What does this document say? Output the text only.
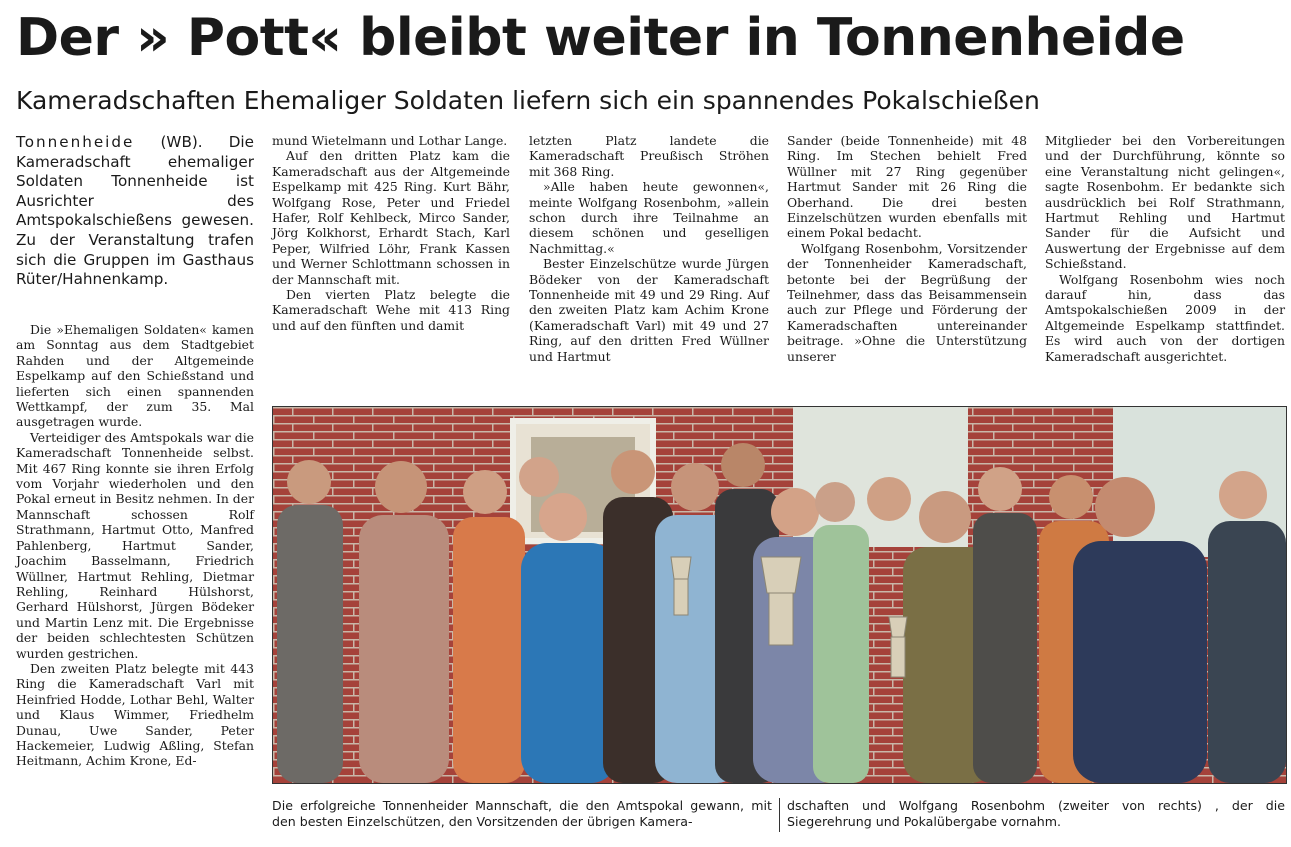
Der » Pott« bleibt weiter in Tonnenheide
Kameradschaften Ehemaliger Soldaten liefern sich ein spannendes Pokalschießen
Tonnenheide (WB). Die Kameradschaft ehemaliger Soldaten Tonnenheide ist Ausrichter des Amtspokalschießens gewesen. Zu der Veranstaltung trafen sich die Gruppen im Gasthaus Rüter/Hahnenkamp.

Die »Ehemaligen Soldaten« kamen am Sonntag aus dem Stadtgebiet Rahden und der Altgemeinde Espelkamp auf den Schießstand und lieferten sich einen spannenden Wettkampf, der zum 35. Mal ausgetragen wurde.

Verteidiger des Amtspokals war die Kameradschaft Tonnenheide selbst. Mit 467 Ring konnte sie ihren Erfolg vom Vorjahr wiederholen und den Pokal erneut in Besitz nehmen. In der Mannschaft schossen Rolf Strathmann, Hartmut Otto, Manfred Pahlenberg, Hartmut Sander, Joachim Basselmann, Friedrich Wüllner, Hartmut Rehling, Dietmar Rehling, Reinhard Hülshorst, Gerhard Hülshorst, Jürgen Bödeker und Martin Lenz mit. Die Ergebnisse der beiden schlechtesten Schützen wurden gestrichen.

Den zweiten Platz belegte mit 443 Ring die Kameradschaft Varl mit Heinfried Hodde, Lothar Behl, Walter und Klaus Wimmer, Friedhelm Dunau, Uwe Sander, Peter Hackemeier, Ludwig Aßling, Stefan Heitmann, Achim Krone, Ed-

mund Wietelmann und Lothar Lange.

Auf den dritten Platz kam die Kameradschaft aus der Altgemeinde Espelkamp mit 425 Ring. Kurt Bähr, Wolfgang Rose, Peter und Friedel Hafer, Rolf Kehlbeck, Mirco Sander, Jörg Kolkhorst, Erhardt Stach, Karl Peper, Wilfried Löhr, Frank Kassen und Werner Schlottmann schossen in der Mannschaft mit.

Den vierten Platz belegte die Kameradschaft Wehe mit 413 Ring und auf den fünften und damit

letzten Platz landete die Kameradschaft Preußisch Ströhen mit 368 Ring.

»Alle haben heute gewonnen«, meinte Wolfgang Rosenbohm, »allein schon durch ihre Teilnahme an diesem schönen und geselligen Nachmittag.«

Bester Einzelschütze wurde Jürgen Bödeker von der Kameradschaft Tonnenheide mit 49 und 29 Ring. Auf den zweiten Platz kam Achim Krone (Kameradschaft Varl) mit 49 und 27 Ring, auf den dritten Fred Wüllner und Hartmut

Sander (beide Tonnenheide) mit 48 Ring. Im Stechen behielt Fred Wüllner mit 27 Ring gegenüber Hartmut Sander mit 26 Ring die Oberhand. Die drei besten Einzelschützen wurden ebenfalls mit einem Pokal bedacht.

Wolfgang Rosenbohm, Vorsitzender der Tonnenheider Kameradschaft, betonte bei der Begrüßung der Teilnehmer, dass das Beisammensein auch zur Pflege und Förderung der Kameradschaften untereinander beitrage. »Ohne die Unterstützung unserer

Mitglieder bei den Vorbereitungen und der Durchführung, könnte so eine Veranstaltung nicht gelingen«, sagte Rosenbohm. Er bedankte sich ausdrücklich bei Rolf Strathmann, Hartmut Rehling und Hartmut Sander für die Aufsicht und Auswertung der Ergebnisse auf dem Schießstand.

Wolfgang Rosenbohm wies noch darauf hin, dass das Amtspokalschießen 2009 in der Altgemeinde Espelkamp stattfindet. Es wird auch von der dortigen Kameradschaft ausgerichtet.

Die erfolgreiche Tonnenheider Mannschaft, die den Amtspokal gewann, mit den besten Einzelschützen, den Vorsitzenden der übrigen Kamera-
dschaften und Wolfgang Rosenbohm (zweiter von rechts) , der die Siegerehrung und Pokalübergabe vornahm.
